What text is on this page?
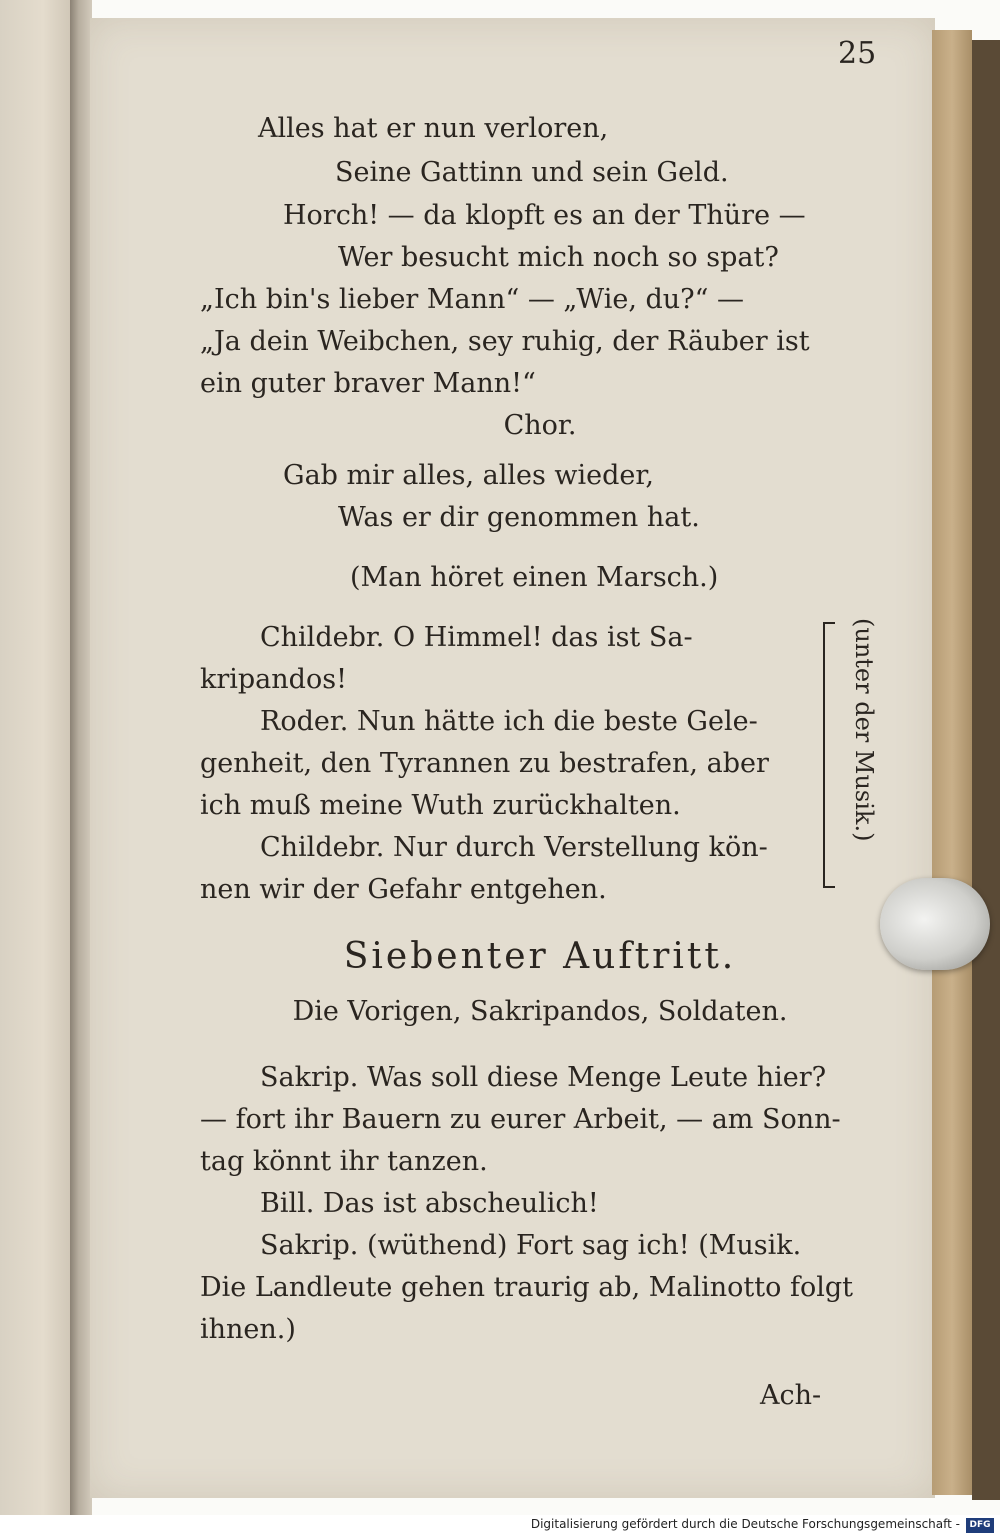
25
Alles hat er nun verloren,
Seine Gattinn und sein Geld.
Horch! — da klopft es an der Thüre —
Wer besucht mich noch so spat?
„Ich bin's lieber Mann“ — „Wie, du?“ —
„Ja dein Weibchen, sey ruhig, der Räuber ist
ein guter braver Mann!“
Chor.
Gab mir alles, alles wieder,
Was er dir genommen hat.
(Man höret einen Marsch.)
Childebr. O Himmel! das ist Sa-
kripandos!
Roder. Nun hätte ich die beste Gele-
genheit, den Tyrannen zu bestrafen, aber
ich muß meine Wuth zurückhalten.
Childebr. Nur durch Verstellung kön-
nen wir der Gefahr entgehen.
(unter der Musik.)
Siebenter Auftritt.
Die Vorigen, Sakripandos, Soldaten.
Sakrip. Was soll diese Menge Leute hier?
— fort ihr Bauern zu eurer Arbeit, — am Sonn-
tag könnt ihr tanzen.
Bill. Das ist abscheulich!
Sakrip. (wüthend) Fort sag ich! (Musik.
Die Landleute gehen traurig ab, Malinotto folgt
ihnen.)
Ach-
Digitalisierung gefördert durch die Deutsche Forschungsgemeinschaft -	DFG
